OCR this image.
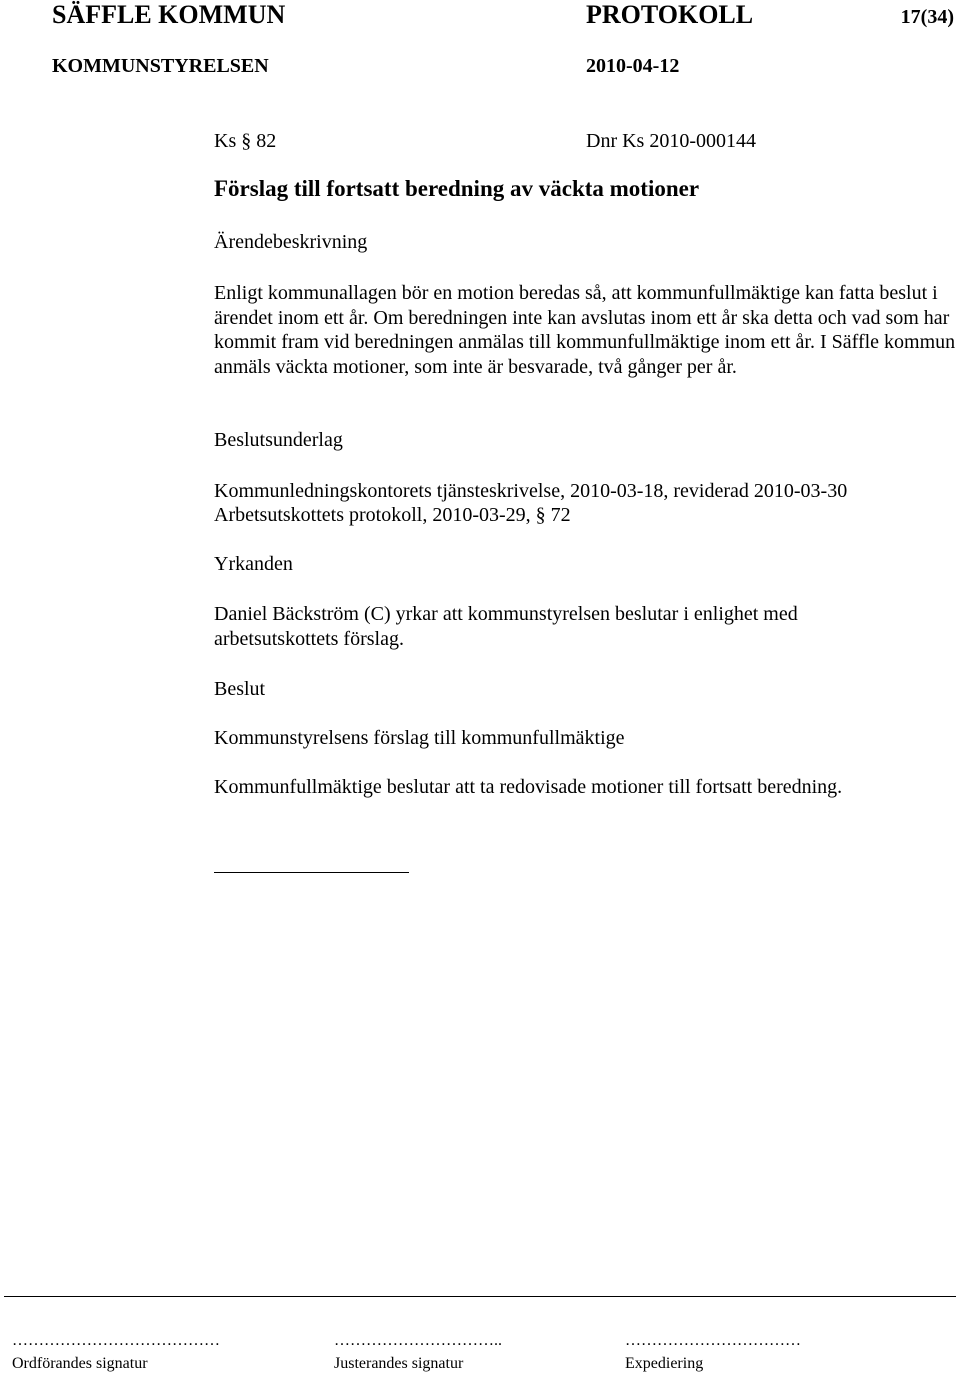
SÄFFLE KOMMUN	PROTOKOLL	17(34)
KOMMUNSTYRELSEN	2010-04-12
Ks § 82	Dnr Ks 2010-000144
Förslag till fortsatt beredning av väckta motioner
Ärendebeskrivning

Enligt kommunallagen bör en motion beredas så, att kommunfullmäktige kan fatta beslut i ärendet inom ett år. Om beredningen inte kan avslutas inom ett år ska detta och vad som har kommit fram vid beredningen anmälas till kommunfullmäktige inom ett år. I Säffle kommun anmäls väckta motioner, som inte är besvarade, två gånger per år.

Beslutsunderlag
Kommunledningskontorets tjänsteskrivelse, 2010-03-18, reviderad 2010-03-30
Arbetsutskottets protokoll, 2010-03-29, § 72
Yrkanden

Daniel Bäckström (C) yrkar att kommunstyrelsen beslutar i enlighet med arbetsutskottets förslag.

Beslut
Kommunstyrelsens förslag till kommunfullmäktige
Kommunfullmäktige beslutar att ta redovisade motioner till fortsatt beredning.
…………………………………
Ordförandes signatur
…………………………..
Justerandes signatur
……………………………
Expediering
